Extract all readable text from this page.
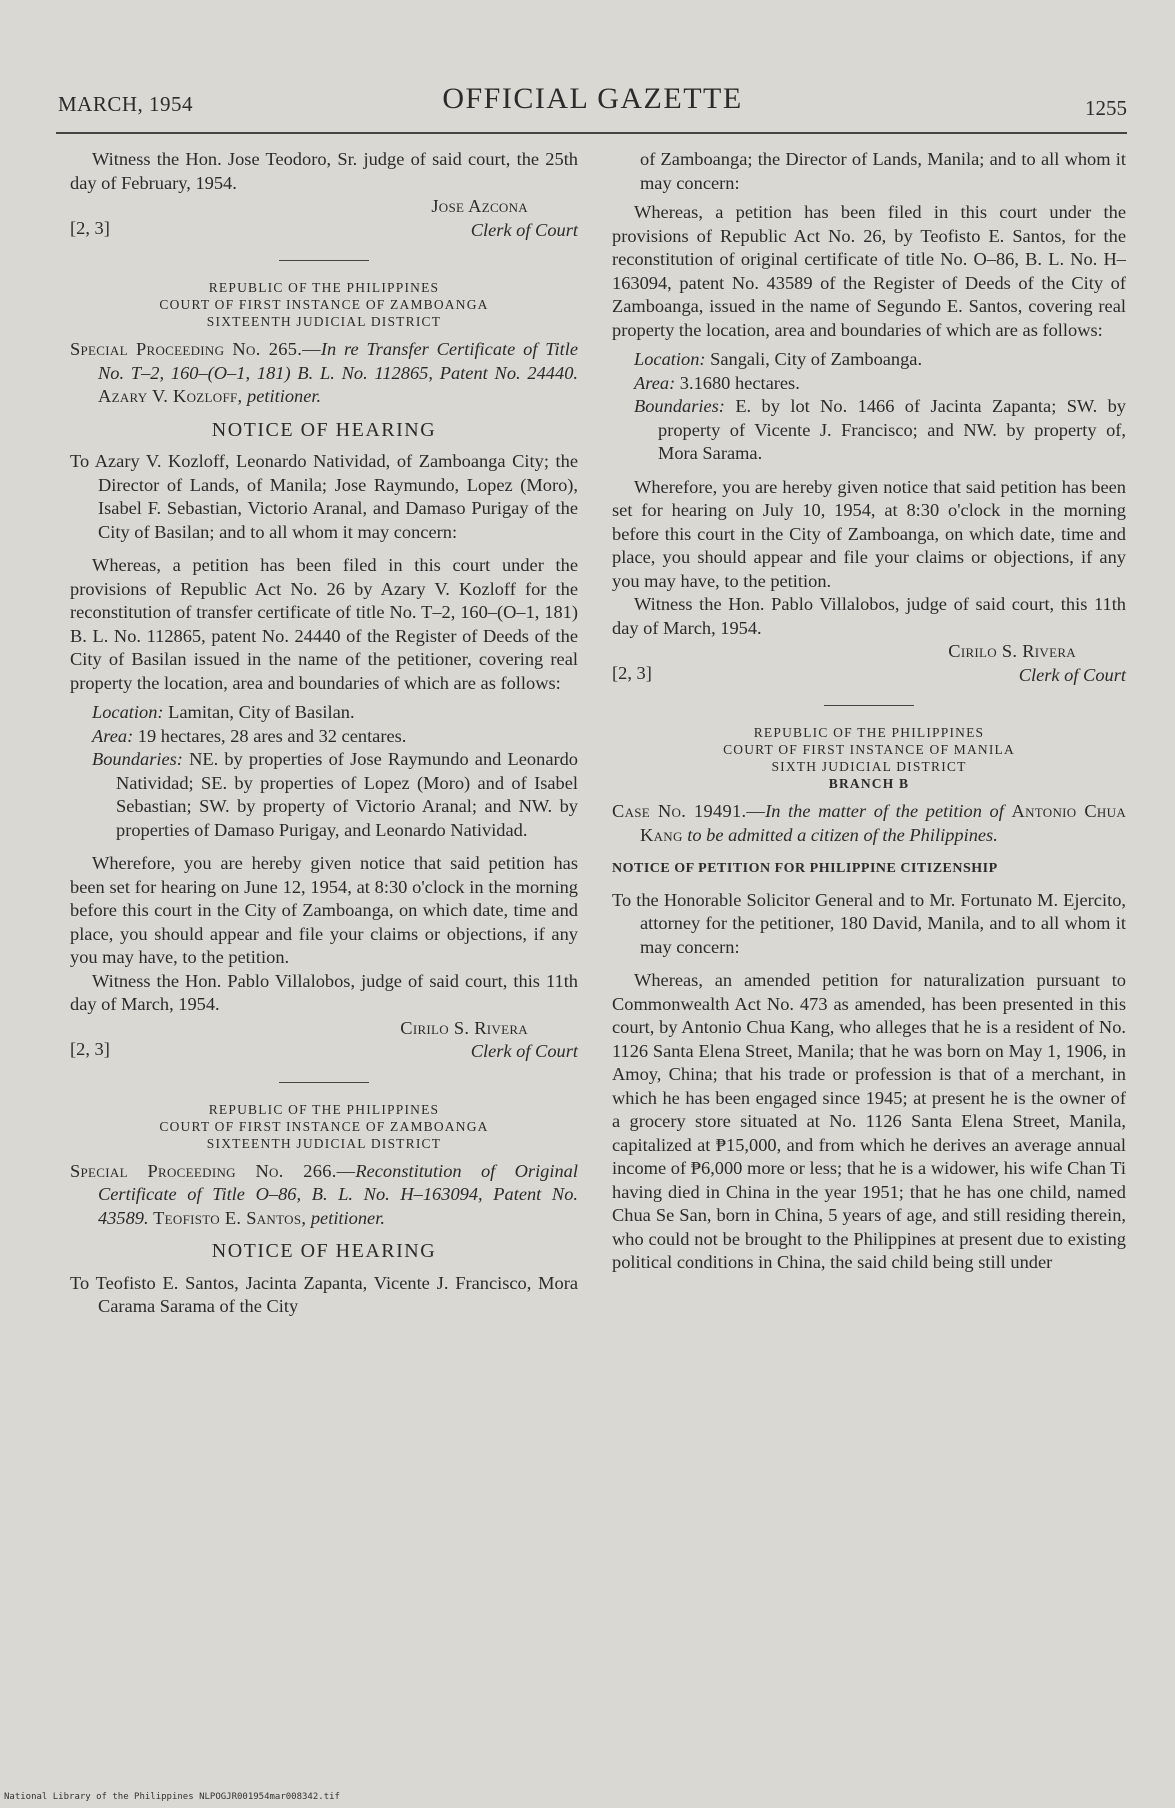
MARCH, 1954	OFFICIAL GAZETTE	1255

Witness the Hon. Jose Teodoro, Sr. judge of said court, the 25th day of February, 1954.

[2, 3]
Jose Azcona
Clerk of Court
REPUBLIC OF THE PHILIPPINES
COURT OF FIRST INSTANCE OF ZAMBOANGA
SIXTEENTH JUDICIAL DISTRICT

Special Proceeding No. 265.—In re Transfer Certificate of Title No. T–2, 160–(O–1, 181) B. L. No. 112865, Patent No. 24440. Azary V. Kozloff, petitioner.

NOTICE OF HEARING

To Azary V. Kozloff, Leonardo Natividad, of Zamboanga City; the Director of Lands, of Manila; Jose Raymundo, Lopez (Moro), Isabel F. Sebastian, Victorio Aranal, and Damaso Purigay of the City of Basilan; and to all whom it may concern:

Whereas, a petition has been filed in this court under the provisions of Republic Act No. 26 by Azary V. Kozloff for the reconstitution of transfer certificate of title No. T–2, 160–(O–1, 181) B. L. No. 112865, patent No. 24440 of the Register of Deeds of the City of Basilan issued in the name of the petitioner, covering real property the location, area and boundaries of which are as follows:

Location: Lamitan, City of Basilan.
Area: 19 hectares, 28 ares and 32 centares.
Boundaries: NE. by properties of Jose Raymundo and Leonardo Natividad; SE. by properties of Lopez (Moro) and of Isabel Sebastian; SW. by property of Victorio Aranal; and NW. by properties of Damaso Purigay, and Leonardo Natividad.

Wherefore, you are hereby given notice that said petition has been set for hearing on June 12, 1954, at 8:30 o'clock in the morning before this court in the City of Zamboanga, on which date, time and place, you should appear and file your claims or objections, if any you may have, to the petition.

Witness the Hon. Pablo Villalobos, judge of said court, this 11th day of March, 1954.

[2, 3]
Cirilo S. Rivera
Clerk of Court
REPUBLIC OF THE PHILIPPINES
COURT OF FIRST INSTANCE OF ZAMBOANGA
SIXTEENTH JUDICIAL DISTRICT

Special Proceeding No. 266.—Reconstitution of Original Certificate of Title O–86, B. L. No. H–163094, Patent No. 43589. Teofisto E. Santos, petitioner.

NOTICE OF HEARING

To Teofisto E. Santos, Jacinta Zapanta, Vicente J. Francisco, Mora Carama Sarama of the City

of Zamboanga; the Director of Lands, Manila; and to all whom it may concern:

Whereas, a petition has been filed in this court under the provisions of Republic Act No. 26, by Teofisto E. Santos, for the reconstitution of original certificate of title No. O–86, B. L. No. H–163094, patent No. 43589 of the Register of Deeds of the City of Zamboanga, issued in the name of Segundo E. Santos, covering real property the location, area and boundaries of which are as follows:

Location: Sangali, City of Zamboanga.
Area: 3.1680 hectares.
Boundaries: E. by lot No. 1466 of Jacinta Zapanta; SW. by property of Vicente J. Francisco; and NW. by property of, Mora Sarama.

Wherefore, you are hereby given notice that said petition has been set for hearing on July 10, 1954, at 8:30 o'clock in the morning before this court in the City of Zamboanga, on which date, time and place, you should appear and file your claims or objections, if any you may have, to the petition.

Witness the Hon. Pablo Villalobos, judge of said court, this 11th day of March, 1954.

[2, 3]
Cirilo S. Rivera
Clerk of Court
REPUBLIC OF THE PHILIPPINES
COURT OF FIRST INSTANCE OF MANILA
SIXTH JUDICIAL DISTRICT
BRANCH B

Case No. 19491.—In the matter of the petition of Antonio Chua Kang to be admitted a citizen of the Philippines.

NOTICE OF PETITION FOR PHILIPPINE CITIZENSHIP

To the Honorable Solicitor General and to Mr. Fortunato M. Ejercito, attorney for the petitioner, 180 David, Manila, and to all whom it may concern:

Whereas, an amended petition for naturalization pursuant to Commonwealth Act No. 473 as amended, has been presented in this court, by Antonio Chua Kang, who alleges that he is a resident of No. 1126 Santa Elena Street, Manila; that he was born on May 1, 1906, in Amoy, China; that his trade or profession is that of a merchant, in which he has been engaged since 1945; at present he is the owner of a grocery store situated at No. 1126 Santa Elena Street, Manila, capitalized at ₱15,000, and from which he derives an average annual income of ₱6,000 more or less; that he is a widower, his wife Chan Ti having died in China in the year 1951; that he has one child, named Chua Se San, born in China, 5 years of age, and still residing therein, who could not be brought to the Philippines at present due to existing political conditions in China, the said child being still under

National Library of the Philippines NLPOGJR001954mar008342.tif
